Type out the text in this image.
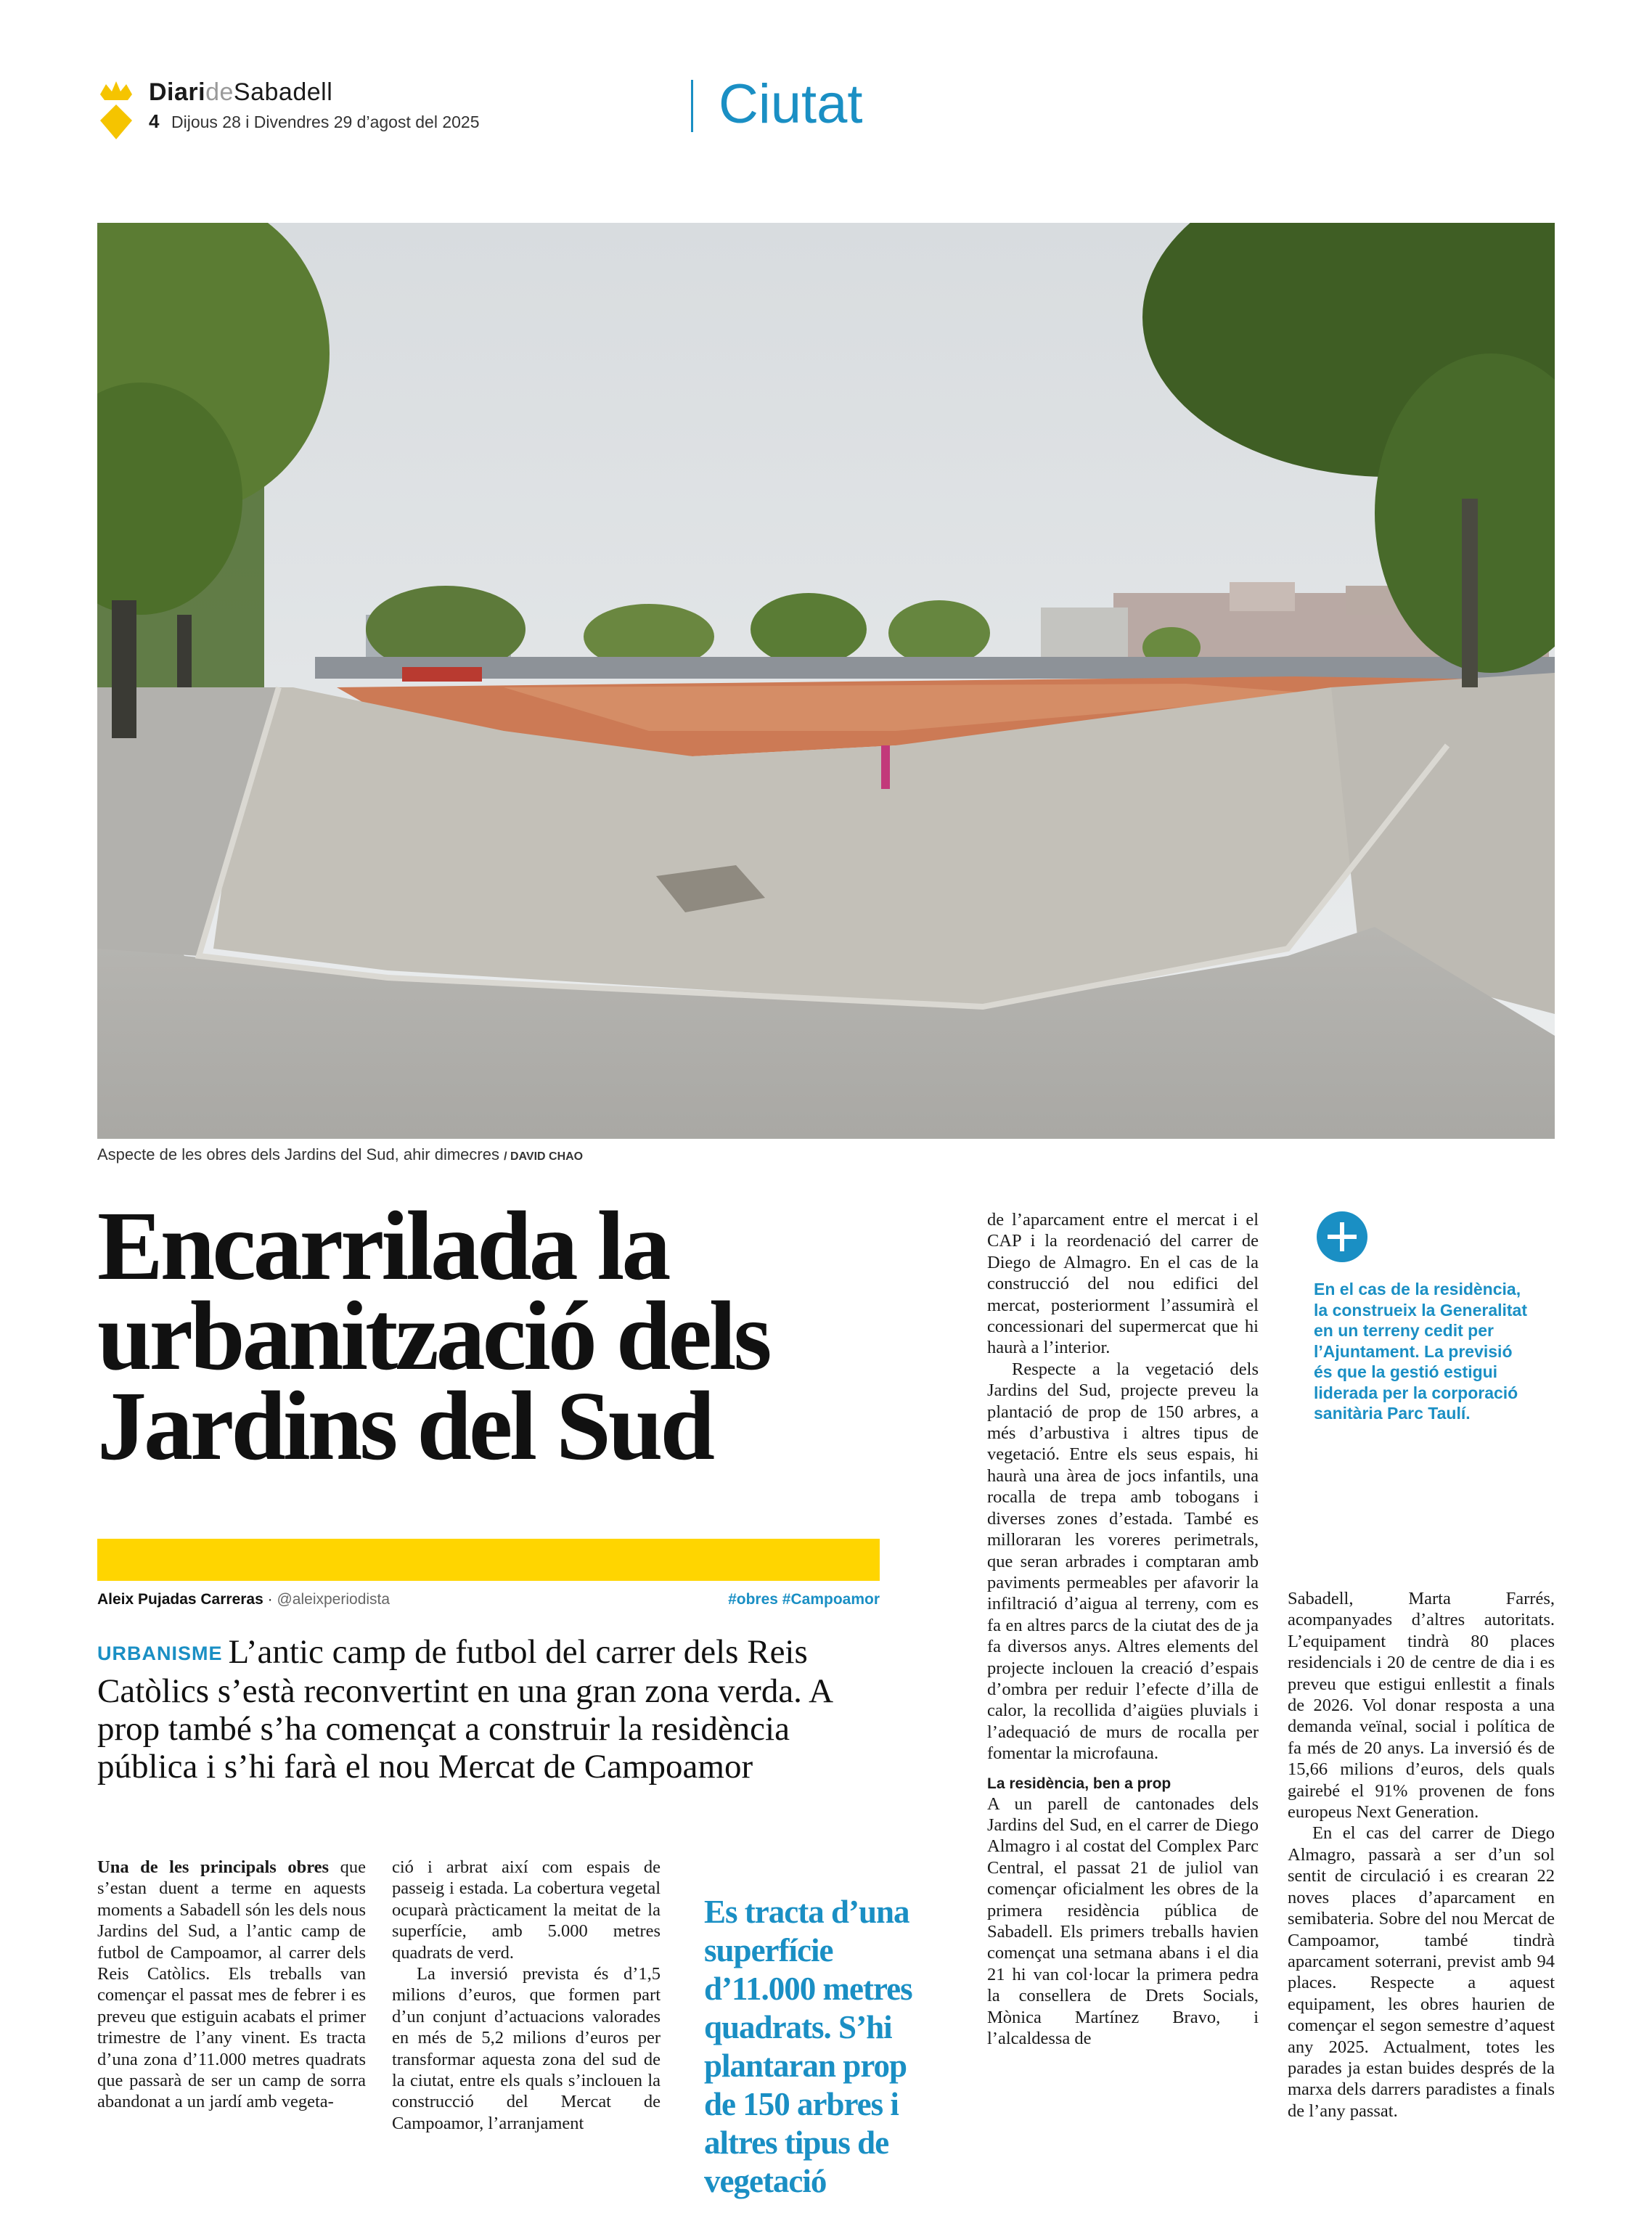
DiarideSabadell
4 Dijous 28 i Divendres 29 d’agost del 2025	Ciutat
Aspecte de les obres dels Jardins del Sud, ahir dimecres / DAVID CHAO
Encarrilada la urbanització dels Jardins del Sud
Aleix Pujadas Carreras · @aleixperiodista	#obres #Campoamor

URBANISME L’antic camp de futbol del carrer dels Reis Catòlics s’està reconvertint en una gran zona verda. A prop també s’ha començat a construir la residència pública i s’hi farà el nou Mercat de Campoamor

Una de les principals obres que s’estan duent a terme en aquests moments a Sabadell són les dels nous Jardins del Sud, a l’antic camp de futbol de Campoamor, al carrer dels Reis Catòlics. Els treballs van començar el passat mes de febrer i es preveu que estiguin acabats el primer trimestre de l’any vinent. Es tracta d’una zona d’11.000 metres quadrats que passarà de ser un camp de sorra abandonat a un jardí amb vegeta-

ció i arbrat així com espais de passeig i estada. La cobertura vegetal ocuparà pràcticament la meitat de la superfície, amb 5.000 metres quadrats de verd.

La inversió prevista és d’1,5 milions d’euros, que formen part d’un conjunt d’actuacions valorades en més de 5,2 milions d’euros per transformar aquesta zona del sud de la ciutat, entre els quals s’inclouen la construcció del Mercat de Campoamor, l’arranjament

Es tracta d’una superfície d’11.000 metres quadrats. S’hi plantaran prop de 150 arbres i altres tipus de vegetació

de l’aparcament entre el mercat i el CAP i la reordenació del carrer de Diego de Almagro. En el cas de la construcció del nou edifici del mercat, posteriorment l’assumirà el concessionari del supermercat que hi haurà a l’interior.

Respecte a la vegetació dels Jardins del Sud, projecte preveu la plantació de prop de 150 arbres, a més d’arbustiva i altres tipus de vegetació. Entre els seus espais, hi haurà una àrea de jocs infantils, una rocalla de trepa amb tobogans i diverses zones d’estada. També es milloraran les voreres perimetrals, que seran arbrades i comptaran amb paviments permeables per afavorir la infiltració d’aigua al terreny, com es fa en altres parcs de la ciutat des de ja fa diversos anys. Altres elements del projecte inclouen la creació d’espais d’ombra per reduir l’efecte d’illa de calor, la recollida d’aigües pluvials i l’adequació de murs de rocalla per fomentar la microfauna.

La residència, ben a prop

A un parell de cantonades dels Jardins del Sud, en el carrer de Diego Almagro i al costat del Complex Parc Central, el passat 21 de juliol van començar oficialment les obres de la primera residència pública de Sabadell. Els primers treballs havien començat una setmana abans i el dia 21 hi van col·locar la primera pedra la consellera de Drets Socials, Mònica Martínez Bravo, i l’alcaldessa de

En el cas de la residència, la construeix la Generalitat en un terreny cedit per l’Ajuntament. La previsió és que la gestió estigui liderada per la corporació sanitària Parc Taulí.

Sabadell, Marta Farrés, acompanyades d’altres autoritats. L’equipament tindrà 80 places residencials i 20 de centre de dia i es preveu que estigui enllestit a finals de 2026. Vol donar resposta a una demanda veïnal, social i política de fa més de 20 anys. La inversió és de 15,66 milions d’euros, dels quals gairebé el 91% provenen de fons europeus Next Generation.

En el cas del carrer de Diego Almagro, passarà a ser d’un sol sentit de circulació i es crearan 22 noves places d’aparcament en semibateria. Sobre del nou Mercat de Campoamor, també tindrà aparcament soterrani, previst amb 94 places. Respecte a aquest equipament, les obres haurien de començar el segon semestre d’aquest any 2025. Actualment, totes les parades ja estan buides després de la marxa dels darrers paradistes a finals de l’any passat.
